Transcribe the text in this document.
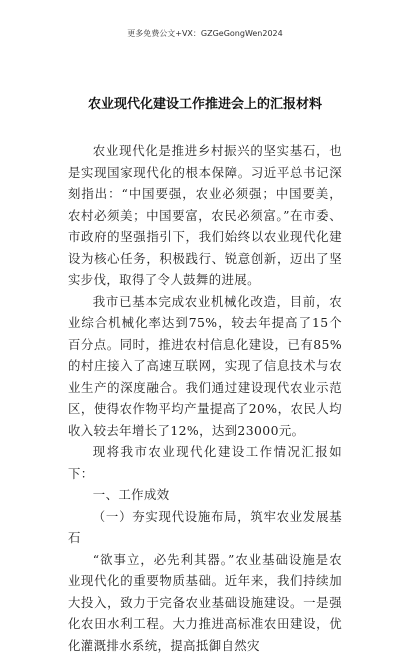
更多免费公文+VX：GZGeGongWen2024
农业现代化建设工作推进会上的汇报材料

农业现代化是推进乡村振兴的坚实基石，也是实现国家现代化的根本保障。习近平总书记深刻指出：“中国要强，农业必须强；中国要美，农村必须美；中国要富，农民必须富。”在市委、市政府的坚强指引下，我们始终以农业现代化建设为核心任务，积极践行、锐意创新，迈出了坚实步伐，取得了令人鼓舞的进展。

我市已基本完成农业机械化改造，目前，农业综合机械化率达到75%，较去年提高了15个百分点。同时，推进农村信息化建设，已有85%的村庄接入了高速互联网，实现了信息技术与农业生产的深度融合。我们通过建设现代农业示范区，使得农作物平均产量提高了20%，农民人均收入较去年增长了12%，达到23000元。

现将我市农业现代化建设工作情况汇报如下：

一、工作成效

（一）夯实现代设施布局，筑牢农业发展基石

“欲事立，必先利其器。”农业基础设施是农业现代化的重要物质基础。近年来，我们持续加大投入，致力于完备农业基础设施建设。一是强化农田水利工程。大力推进高标准农田建设，优化灌溉排水系统，提高抵御自然灾
